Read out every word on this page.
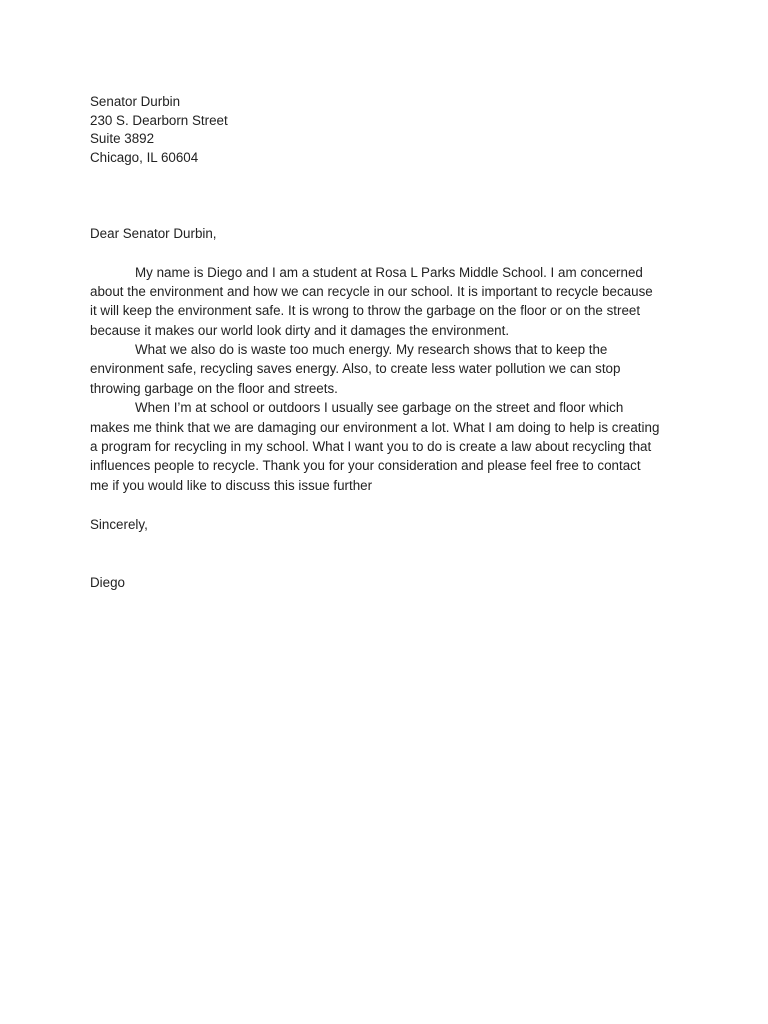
Senator Durbin
230 S. Dearborn Street
Suite 3892
Chicago, IL 60604
Dear Senator Durbin,
My name is Diego and I am a student at Rosa L Parks Middle School. I am concerned
about the environment and how we can recycle in our school. It is important to recycle because
it will keep the environment safe. It is wrong to throw the garbage on the floor or on the street
because it makes our world look dirty and it damages the environment.
What we also do is waste too much energy. My research shows that to keep the
environment safe, recycling saves energy. Also, to create less water pollution we can stop
throwing garbage on the floor and streets.
When I’m at school or outdoors I usually see garbage on the street and floor which
makes me think that we are damaging our environment a lot. What I am doing to help is creating
a program for recycling in my school. What I want you to do is create a law about recycling that
influences people to recycle. Thank you for your consideration and please feel free to contact
me if you would like to discuss this issue further
Sincerely,
Diego
